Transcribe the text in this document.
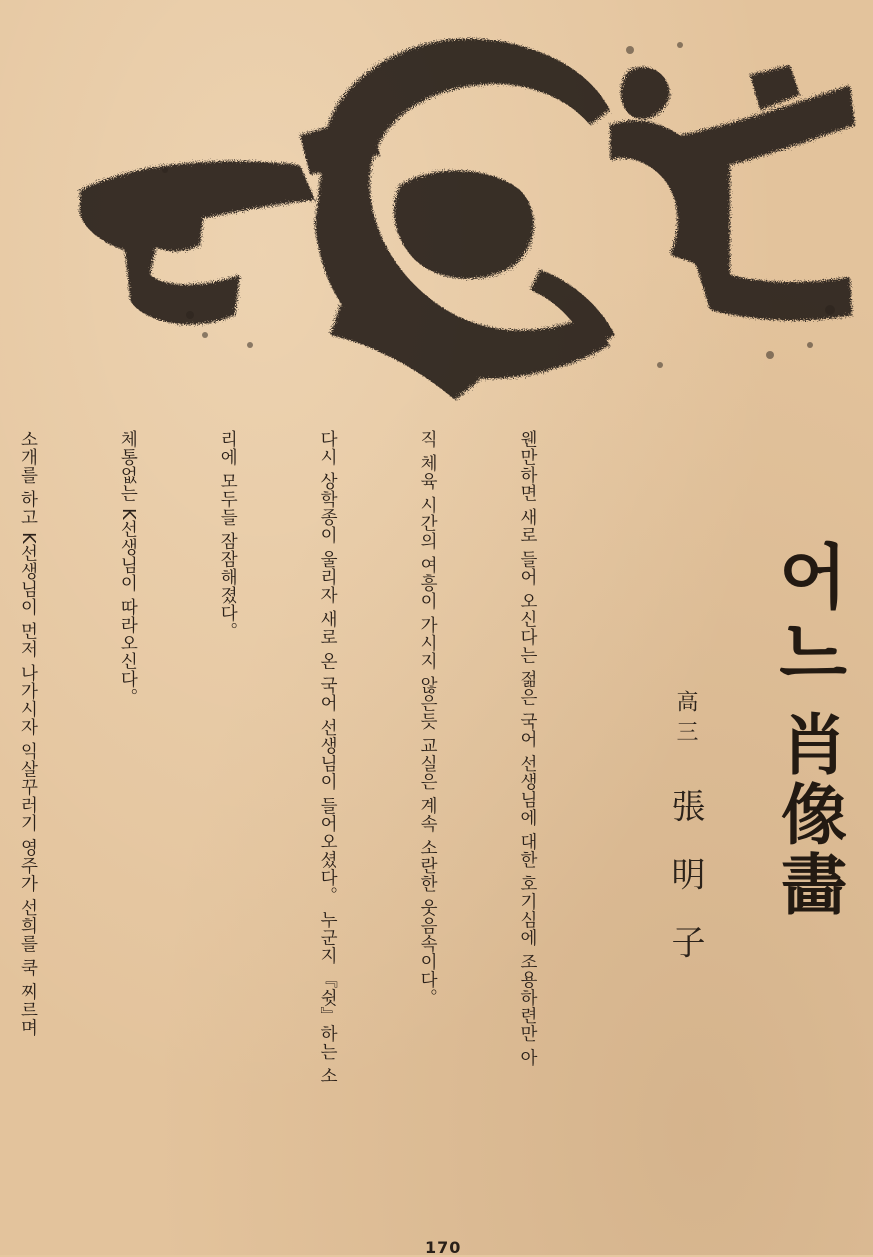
어느
肖像畵
高三 張明子

웬만하면 새로 들어 오신다는 젊은 국어 선생님에 대한 호기심에 조용하련만 아

직 체육 시간의 여흥이 가시지 않은듯 교실은 계속 소란한 웃음속이다。

다시 상학종이 울리자 새로 온 국어 선생님이 들어오셨다。 누군지 『쉿』하는 소

리에 모두들 잠잠해졌다。

체통없는 K선생님이 따라오신다。

소개를 하고 K선생님이 먼저 나가시자 익살꾸러기 영주가 선희를 쿡 찌르며

170
